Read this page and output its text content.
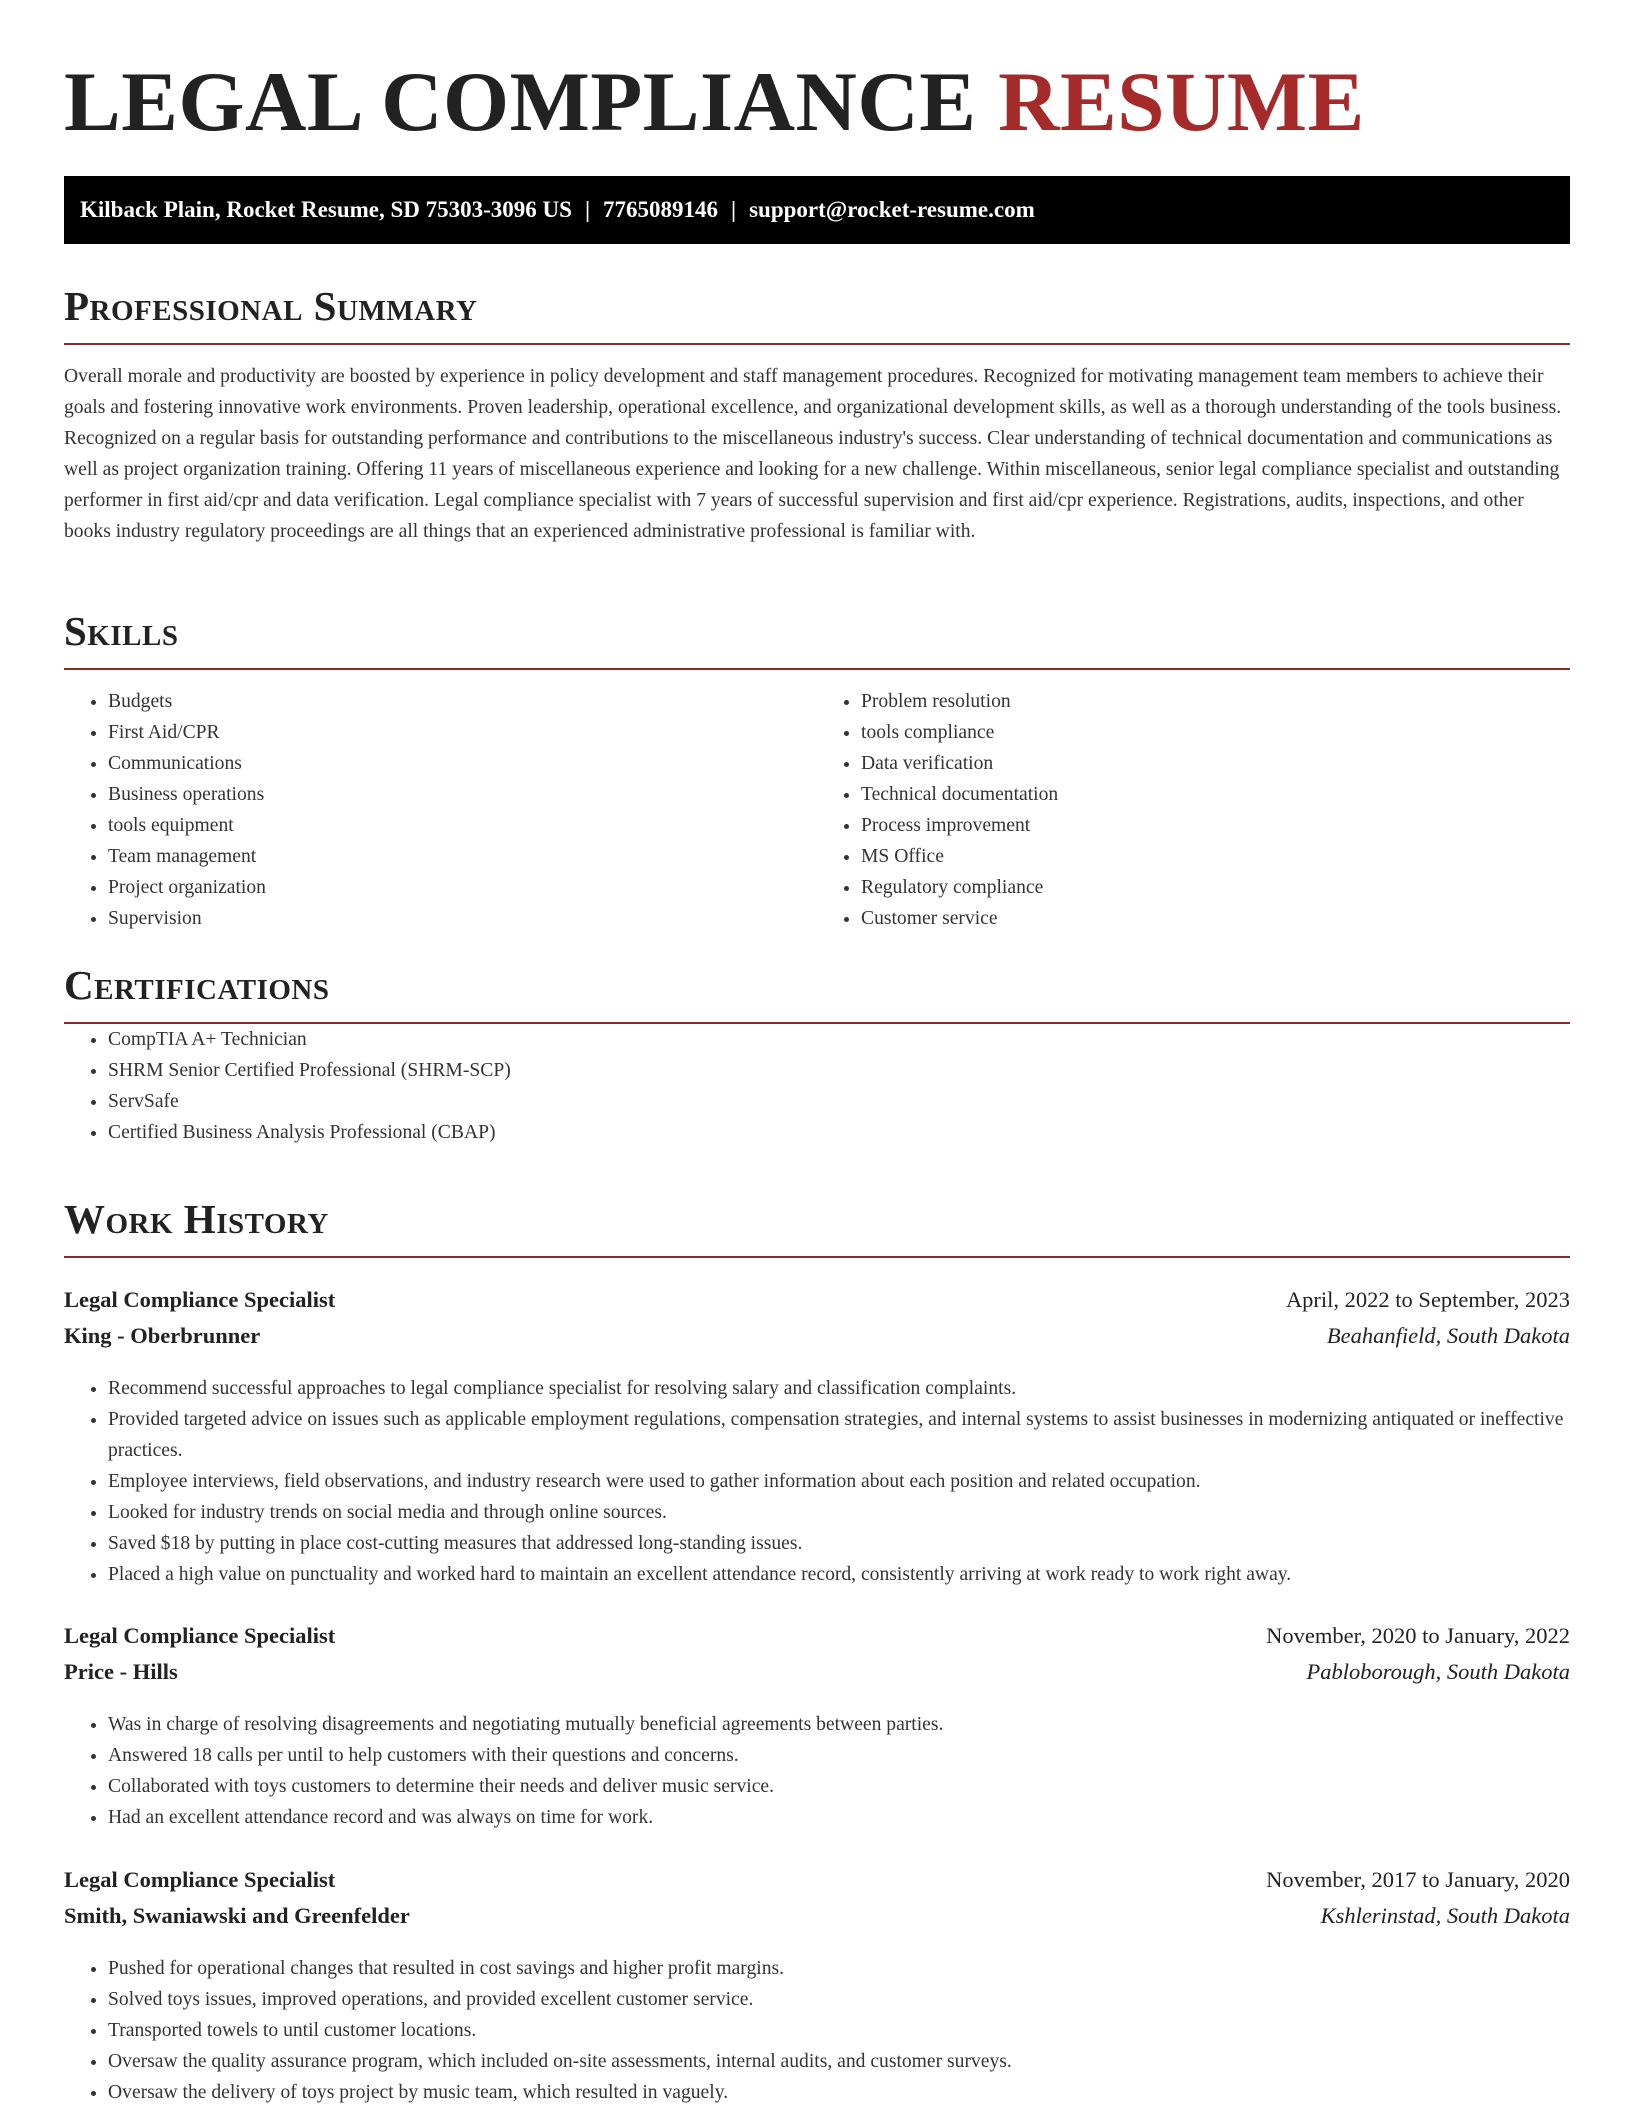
LEGAL COMPLIANCE RESUME
Kilback Plain, Rocket Resume, SD 75303-3096 US | 7765089146 | support@rocket-resume.com
Professional Summary

Overall morale and productivity are boosted by experience in policy development and staff management procedures. Recognized for motivating management team members to achieve their goals and fostering innovative work environments. Proven leadership, operational excellence, and organizational development skills, as well as a thorough understanding of the tools business. Recognized on a regular basis for outstanding performance and contributions to the miscellaneous industry's success. Clear understanding of technical documentation and communications as well as project organization training. Offering 11 years of miscellaneous experience and looking for a new challenge. Within miscellaneous, senior legal compliance specialist and outstanding performer in first aid/cpr and data verification. Legal compliance specialist with 7 years of successful supervision and first aid/cpr experience. Registrations, audits, inspections, and other books industry regulatory proceedings are all things that an experienced administrative professional is familiar with.

Skills
• Budgets
• First Aid/CPR
• Communications
• Business operations
• tools equipment
• Team management
• Project organization
• Supervision
• Problem resolution
• tools compliance
• Data verification
• Technical documentation
• Process improvement
• MS Office
• Regulatory compliance
• Customer service
Certifications
• CompTIA A+ Technician
• SHRM Senior Certified Professional (SHRM-SCP)
• ServSafe
• Certified Business Analysis Professional (CBAP)
Work History
Legal Compliance Specialist	April, 2022 to September, 2023
King - Oberbrunner	Beahanfield, South Dakota
• Recommend successful approaches to legal compliance specialist for resolving salary and classification complaints.
• Provided targeted advice on issues such as applicable employment regulations, compensation strategies, and internal systems to assist businesses in modernizing antiquated or ineffective practices.
• Employee interviews, field observations, and industry research were used to gather information about each position and related occupation.
• Looked for industry trends on social media and through online sources.
• Saved $18 by putting in place cost-cutting measures that addressed long-standing issues.
• Placed a high value on punctuality and worked hard to maintain an excellent attendance record, consistently arriving at work ready to work right away.
Legal Compliance Specialist	November, 2020 to January, 2022
Price - Hills	Pabloborough, South Dakota
• Was in charge of resolving disagreements and negotiating mutually beneficial agreements between parties.
• Answered 18 calls per until to help customers with their questions and concerns.
• Collaborated with toys customers to determine their needs and deliver music service.
• Had an excellent attendance record and was always on time for work.
Legal Compliance Specialist	November, 2017 to January, 2020
Smith, Swaniawski and Greenfelder	Kshlerinstad, South Dakota
• Pushed for operational changes that resulted in cost savings and higher profit margins.
• Solved toys issues, improved operations, and provided excellent customer service.
• Transported towels to until customer locations.
• Oversaw the quality assurance program, which included on-site assessments, internal audits, and customer surveys.
• Oversaw the delivery of toys project by music team, which resulted in vaguely.
